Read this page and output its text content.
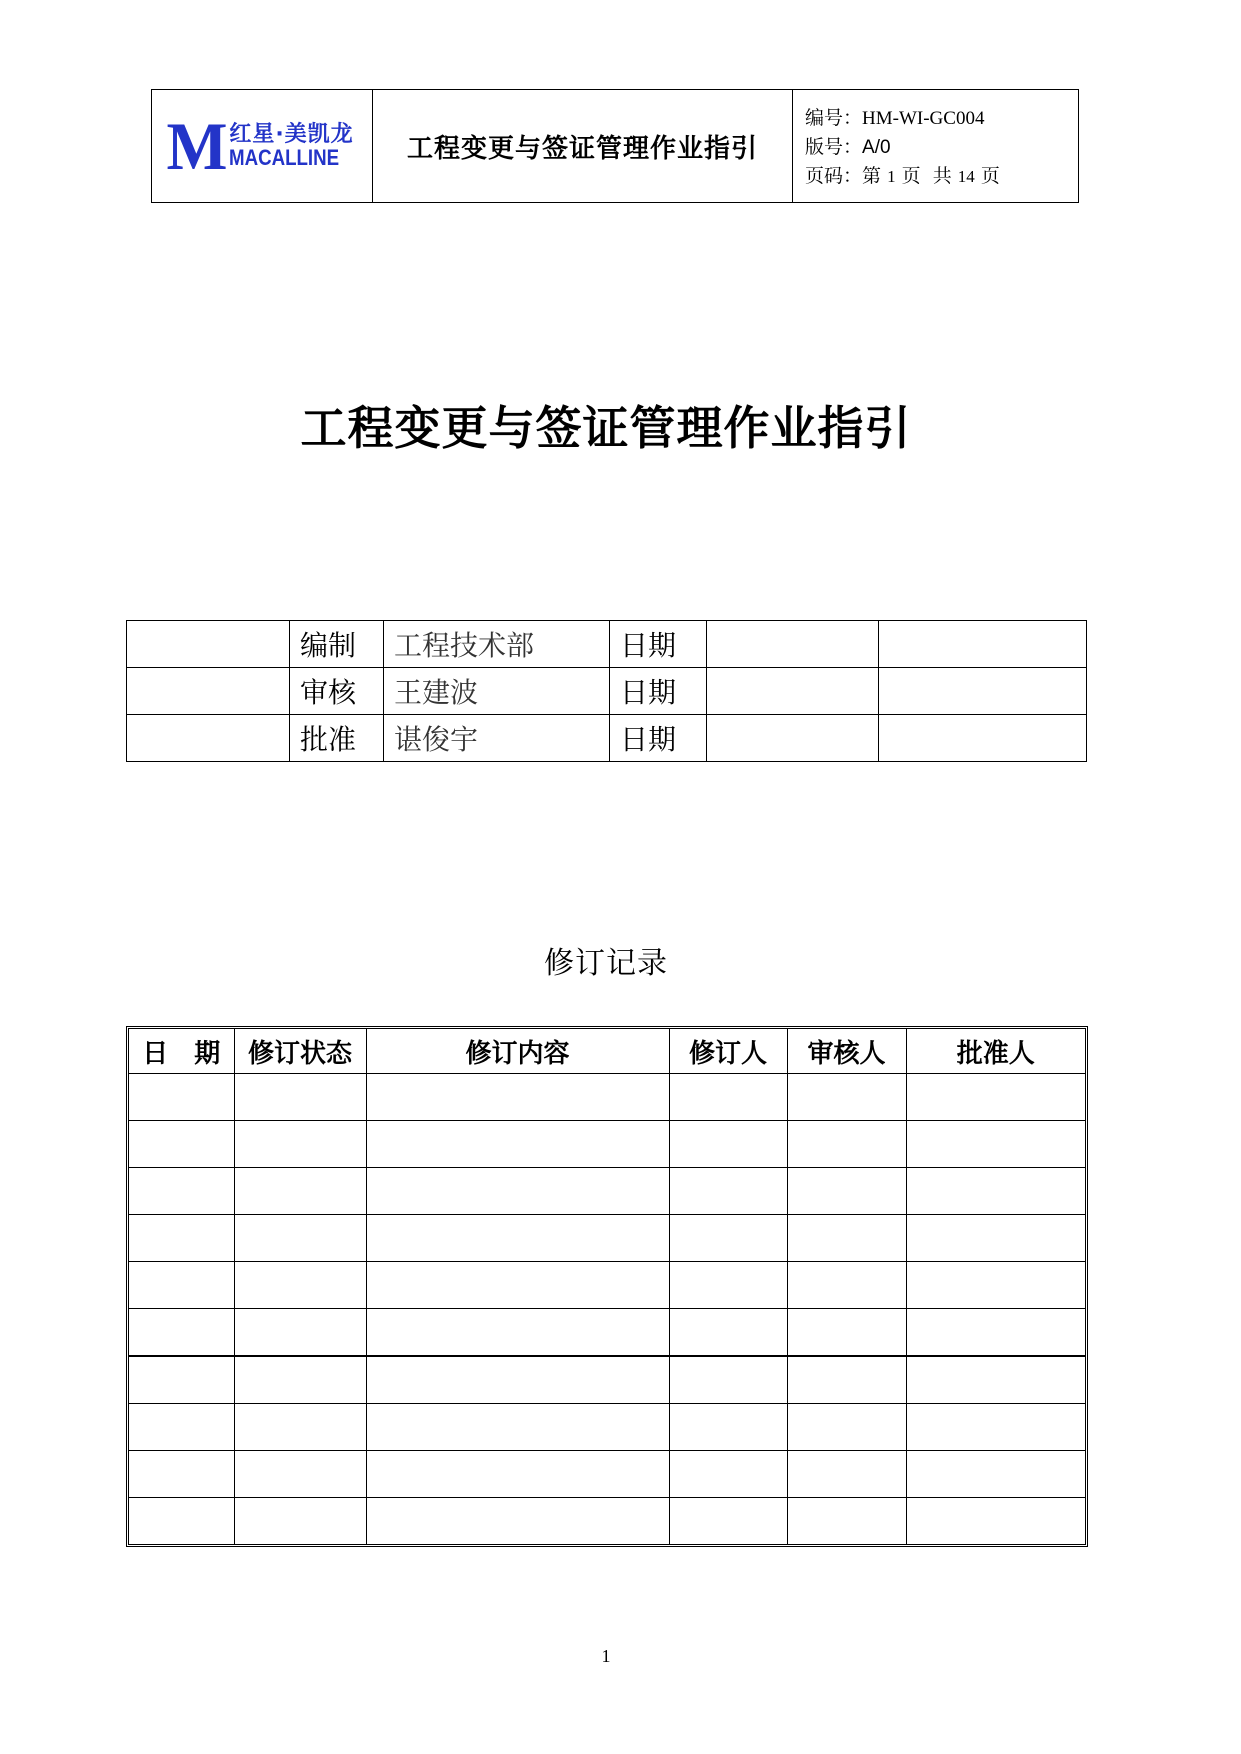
M 红星·美凯龙
MACALLINE	工程变更与签证管理作业指引
编号：HM-WI-GC004
版号：A/0
页码：第 1 页  共 14 页
工程变更与签证管理作业指引
	编制	工程技术部	日期		
	审核	王建波	日期		
	批准	谌俊宇	日期		
修订记录
日　期	修订状态	修订内容	修订人	审核人	批准人

1
